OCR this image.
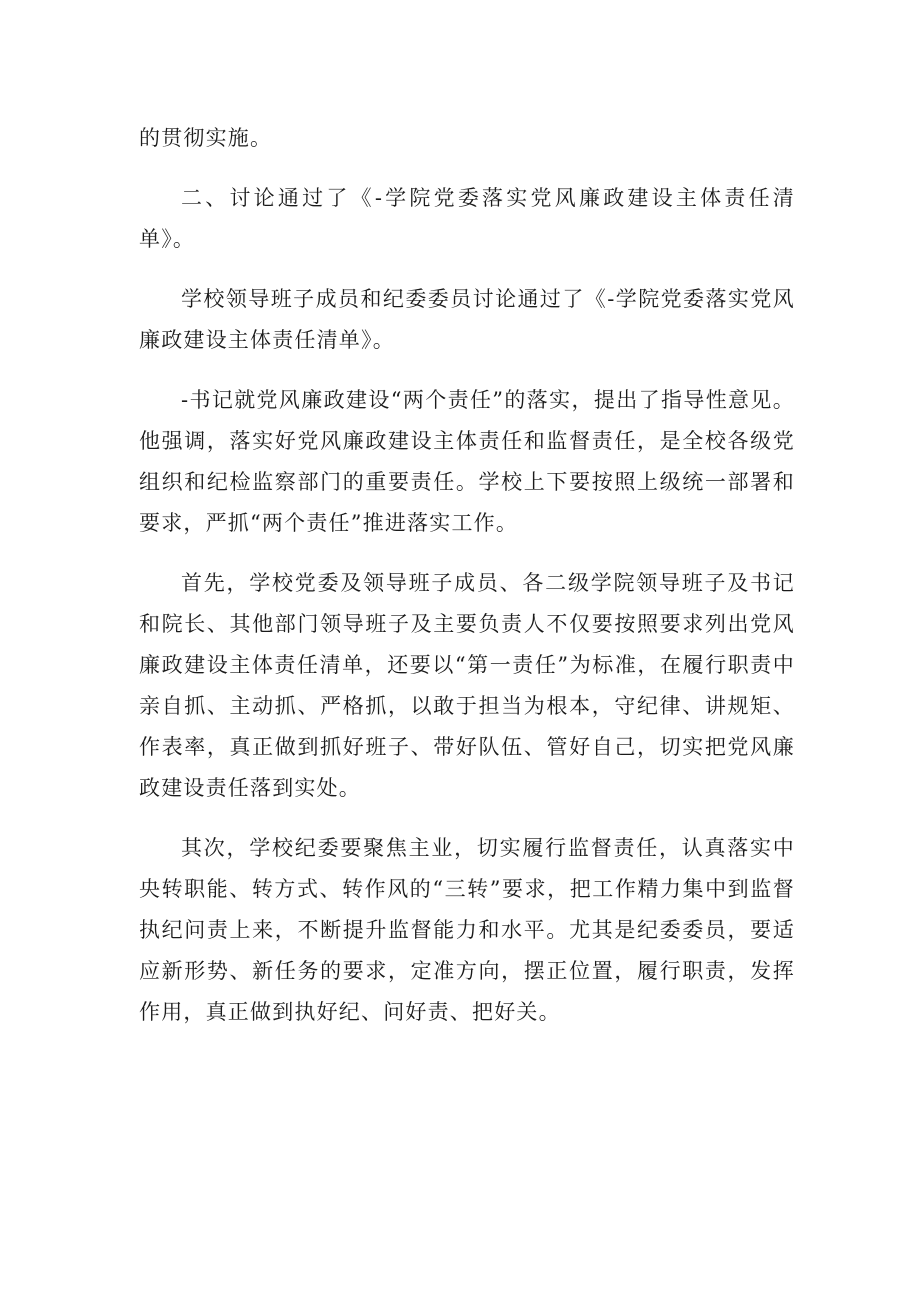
的贯彻实施。

二、讨论通过了《-学院党委落实党风廉政建设主体责任清单》。

学校领导班子成员和纪委委员讨论通过了《-学院党委落实党风廉政建设主体责任清单》。

-书记就党风廉政建设“两个责任”的落实，提出了指导性意见。他强调，落实好党风廉政建设主体责任和监督责任，是全校各级党组织和纪检监察部门的重要责任。学校上下要按照上级统一部署和要求，严抓“两个责任”推进落实工作。

首先，学校党委及领导班子成员、各二级学院领导班子及书记和院长、其他部门领导班子及主要负责人不仅要按照要求列出党风廉政建设主体责任清单，还要以“第一责任”为标准，在履行职责中亲自抓、主动抓、严格抓，以敢于担当为根本，守纪律、讲规矩、作表率，真正做到抓好班子、带好队伍、管好自己，切实把党风廉政建设责任落到实处。

其次，学校纪委要聚焦主业，切实履行监督责任，认真落实中央转职能、转方式、转作风的“三转”要求，把工作精力集中到监督执纪问责上来，不断提升监督能力和水平。尤其是纪委委员，要适应新形势、新任务的要求，定准方向，摆正位置，履行职责，发挥作用，真正做到执好纪、问好责、把好关。
